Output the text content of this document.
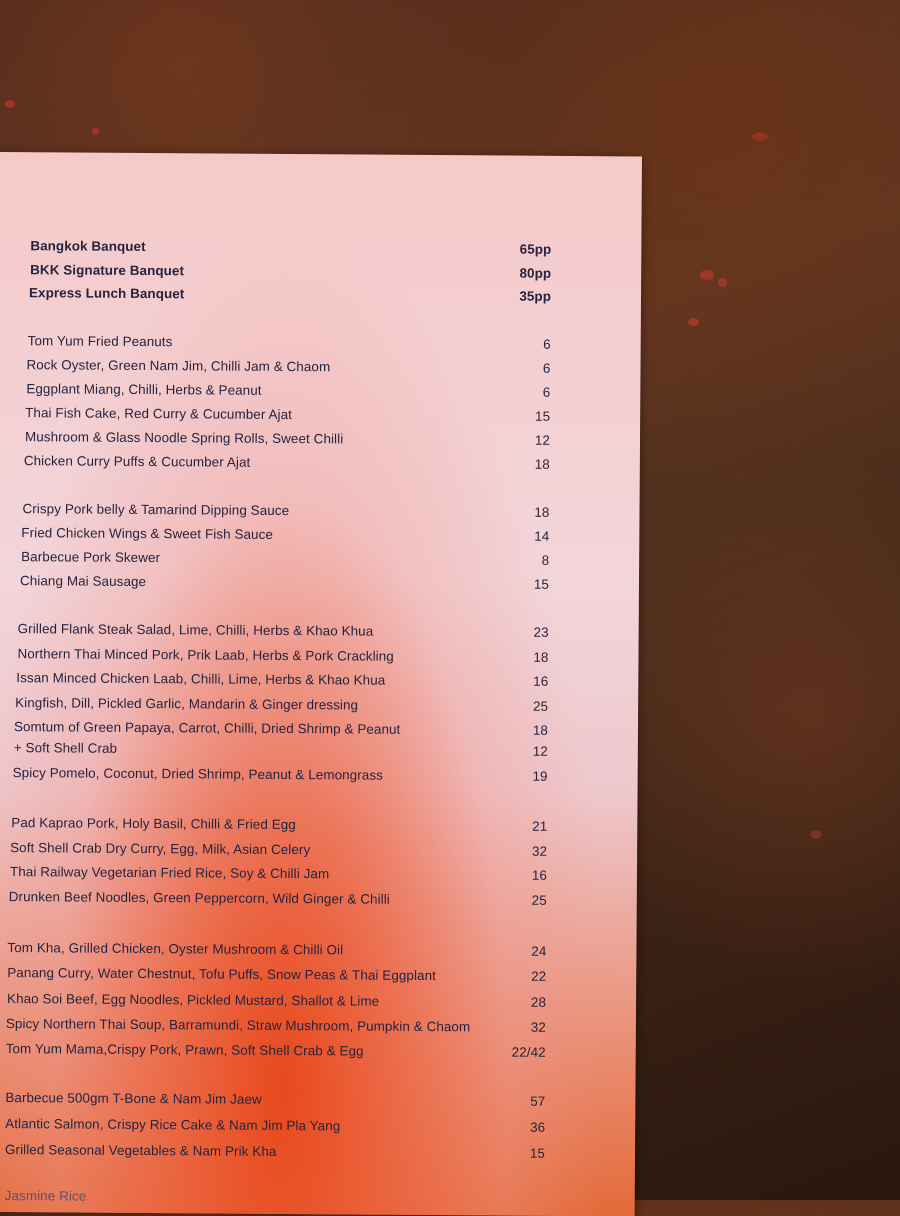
Bangkok Banquet	65pp
BKK Signature Banquet	80pp
Express Lunch Banquet	35pp
Tom Yum Fried Peanuts	6
Rock Oyster, Green Nam Jim, Chilli Jam & Chaom	6
Eggplant Miang, Chilli, Herbs & Peanut	6
Thai Fish Cake, Red Curry & Cucumber Ajat	15
Mushroom & Glass Noodle Spring Rolls, Sweet Chilli	12
Chicken Curry Puffs & Cucumber Ajat	18
Crispy Pork belly & Tamarind Dipping Sauce	18
Fried Chicken Wings & Sweet Fish Sauce	14
Barbecue Pork Skewer	8
Chiang Mai Sausage	15
Grilled Flank Steak Salad, Lime, Chilli, Herbs & Khao Khua	23
Northern Thai Minced Pork, Prik Laab, Herbs & Pork Crackling	18
Issan Minced Chicken Laab, Chilli, Lime, Herbs & Khao Khua	16
Kingfish, Dill, Pickled Garlic, Mandarin & Ginger dressing	25
Somtum of Green Papaya, Carrot, Chilli, Dried Shrimp & Peanut	18
+ Soft Shell Crab	12
Spicy Pomelo, Coconut, Dried Shrimp, Peanut & Lemongrass	19
Pad Kaprao Pork, Holy Basil, Chilli & Fried Egg	21
Soft Shell Crab Dry Curry, Egg, Milk, Asian Celery	32
Thai Railway Vegetarian Fried Rice, Soy & Chilli Jam	16
Drunken Beef Noodles, Green Peppercorn, Wild Ginger & Chilli	25
Tom Kha, Grilled Chicken, Oyster Mushroom & Chilli Oil	24
Panang Curry, Water Chestnut, Tofu Puffs, Snow Peas & Thai Eggplant	22
Khao Soi Beef, Egg Noodles, Pickled Mustard, Shallot & Lime	28
Spicy Northern Thai Soup, Barramundi, Straw Mushroom, Pumpkin & Chaom	32
Tom Yum Mama,Crispy Pork, Prawn, Soft Shell Crab & Egg	22/42
Barbecue 500gm T-Bone & Nam Jim Jaew	57
Atlantic Salmon, Crispy Rice Cake & Nam Jim Pla Yang	36
Grilled Seasonal Vegetables & Nam Prik Kha	15
Jasmine Rice
